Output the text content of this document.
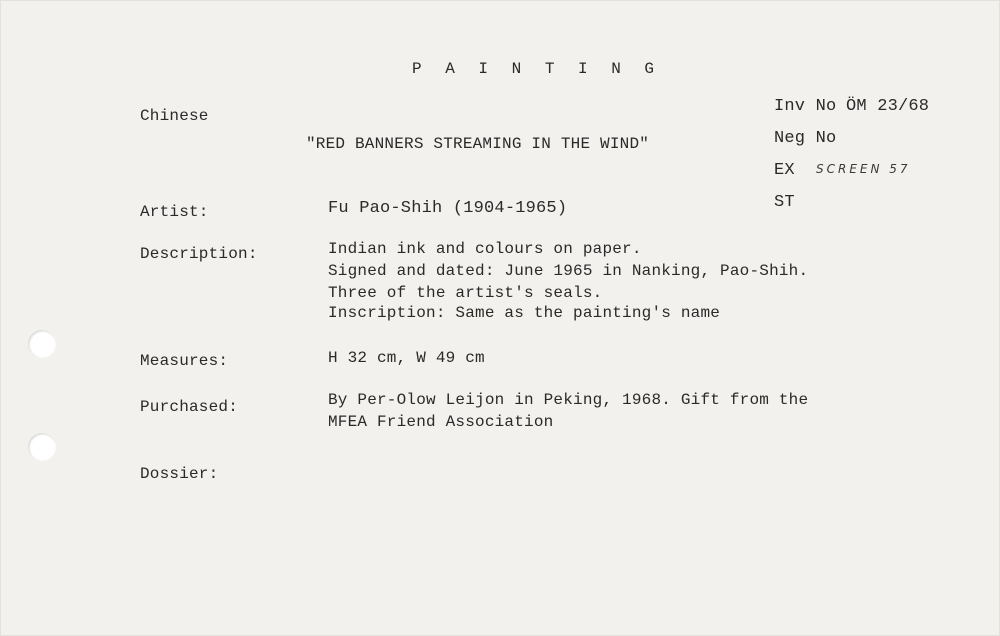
P A I N T I N G
Chinese
"RED BANNERS STREAMING IN THE WIND"
Inv No ÖM 23/68
Neg No
EX SCREEN 57
ST
Artist:	Fu Pao-Shih (1904-1965)
Description:	Indian ink and colours on paper.
Signed and dated: June 1965 in Nanking, Pao-Shih.
Three of the artist's seals.
Inscription: Same as the painting's name
Measures:	H 32 cm, W 49 cm
Purchased:	By Per-Olow Leijon in Peking, 1968. Gift from the
MFEA Friend Association
Dossier:
